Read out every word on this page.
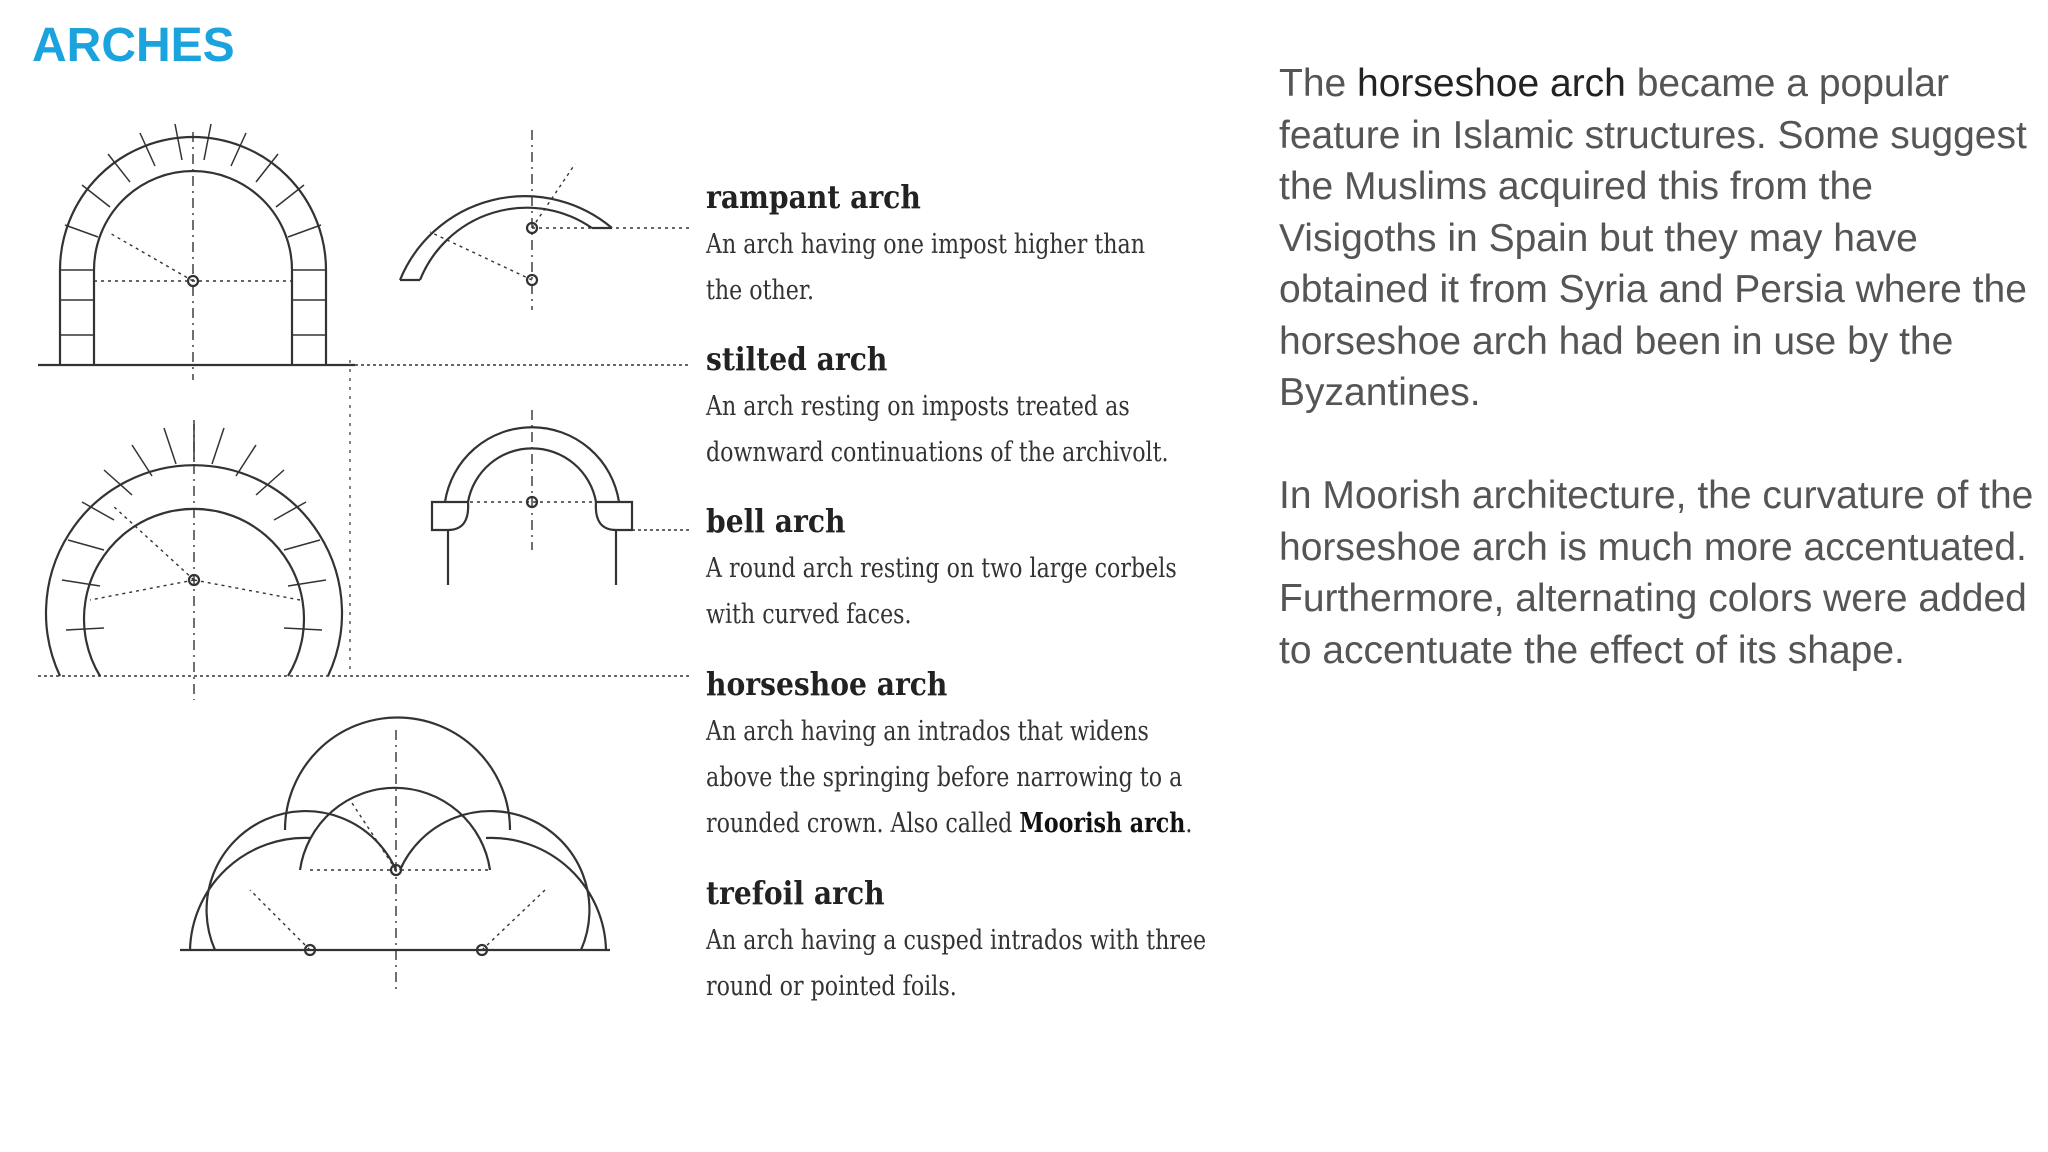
ARCHES
rampant arch
An arch having one impost higher than
the other.
stilted arch
An arch resting on imposts treated as
downward continuations of the archivolt.
bell arch
A round arch resting on two large corbels
with curved faces.
horseshoe arch
An arch having an intrados that widens
above the springing before narrowing to a
rounded crown. Also called Moorish arch.
trefoil arch
An arch having a cusped intrados with three
round or pointed foils.
The horseshoe arch became a popular feature in Islamic structures. Some suggest the Muslims acquired this from the Visigoths in Spain but they may have obtained it from Syria and Persia where the horseshoe arch had been in use by the Byzantines.
In Moorish architecture, the curvature of the horseshoe arch is much more accentuated. Furthermore, alternating colors were added to accentuate the effect of its shape.
